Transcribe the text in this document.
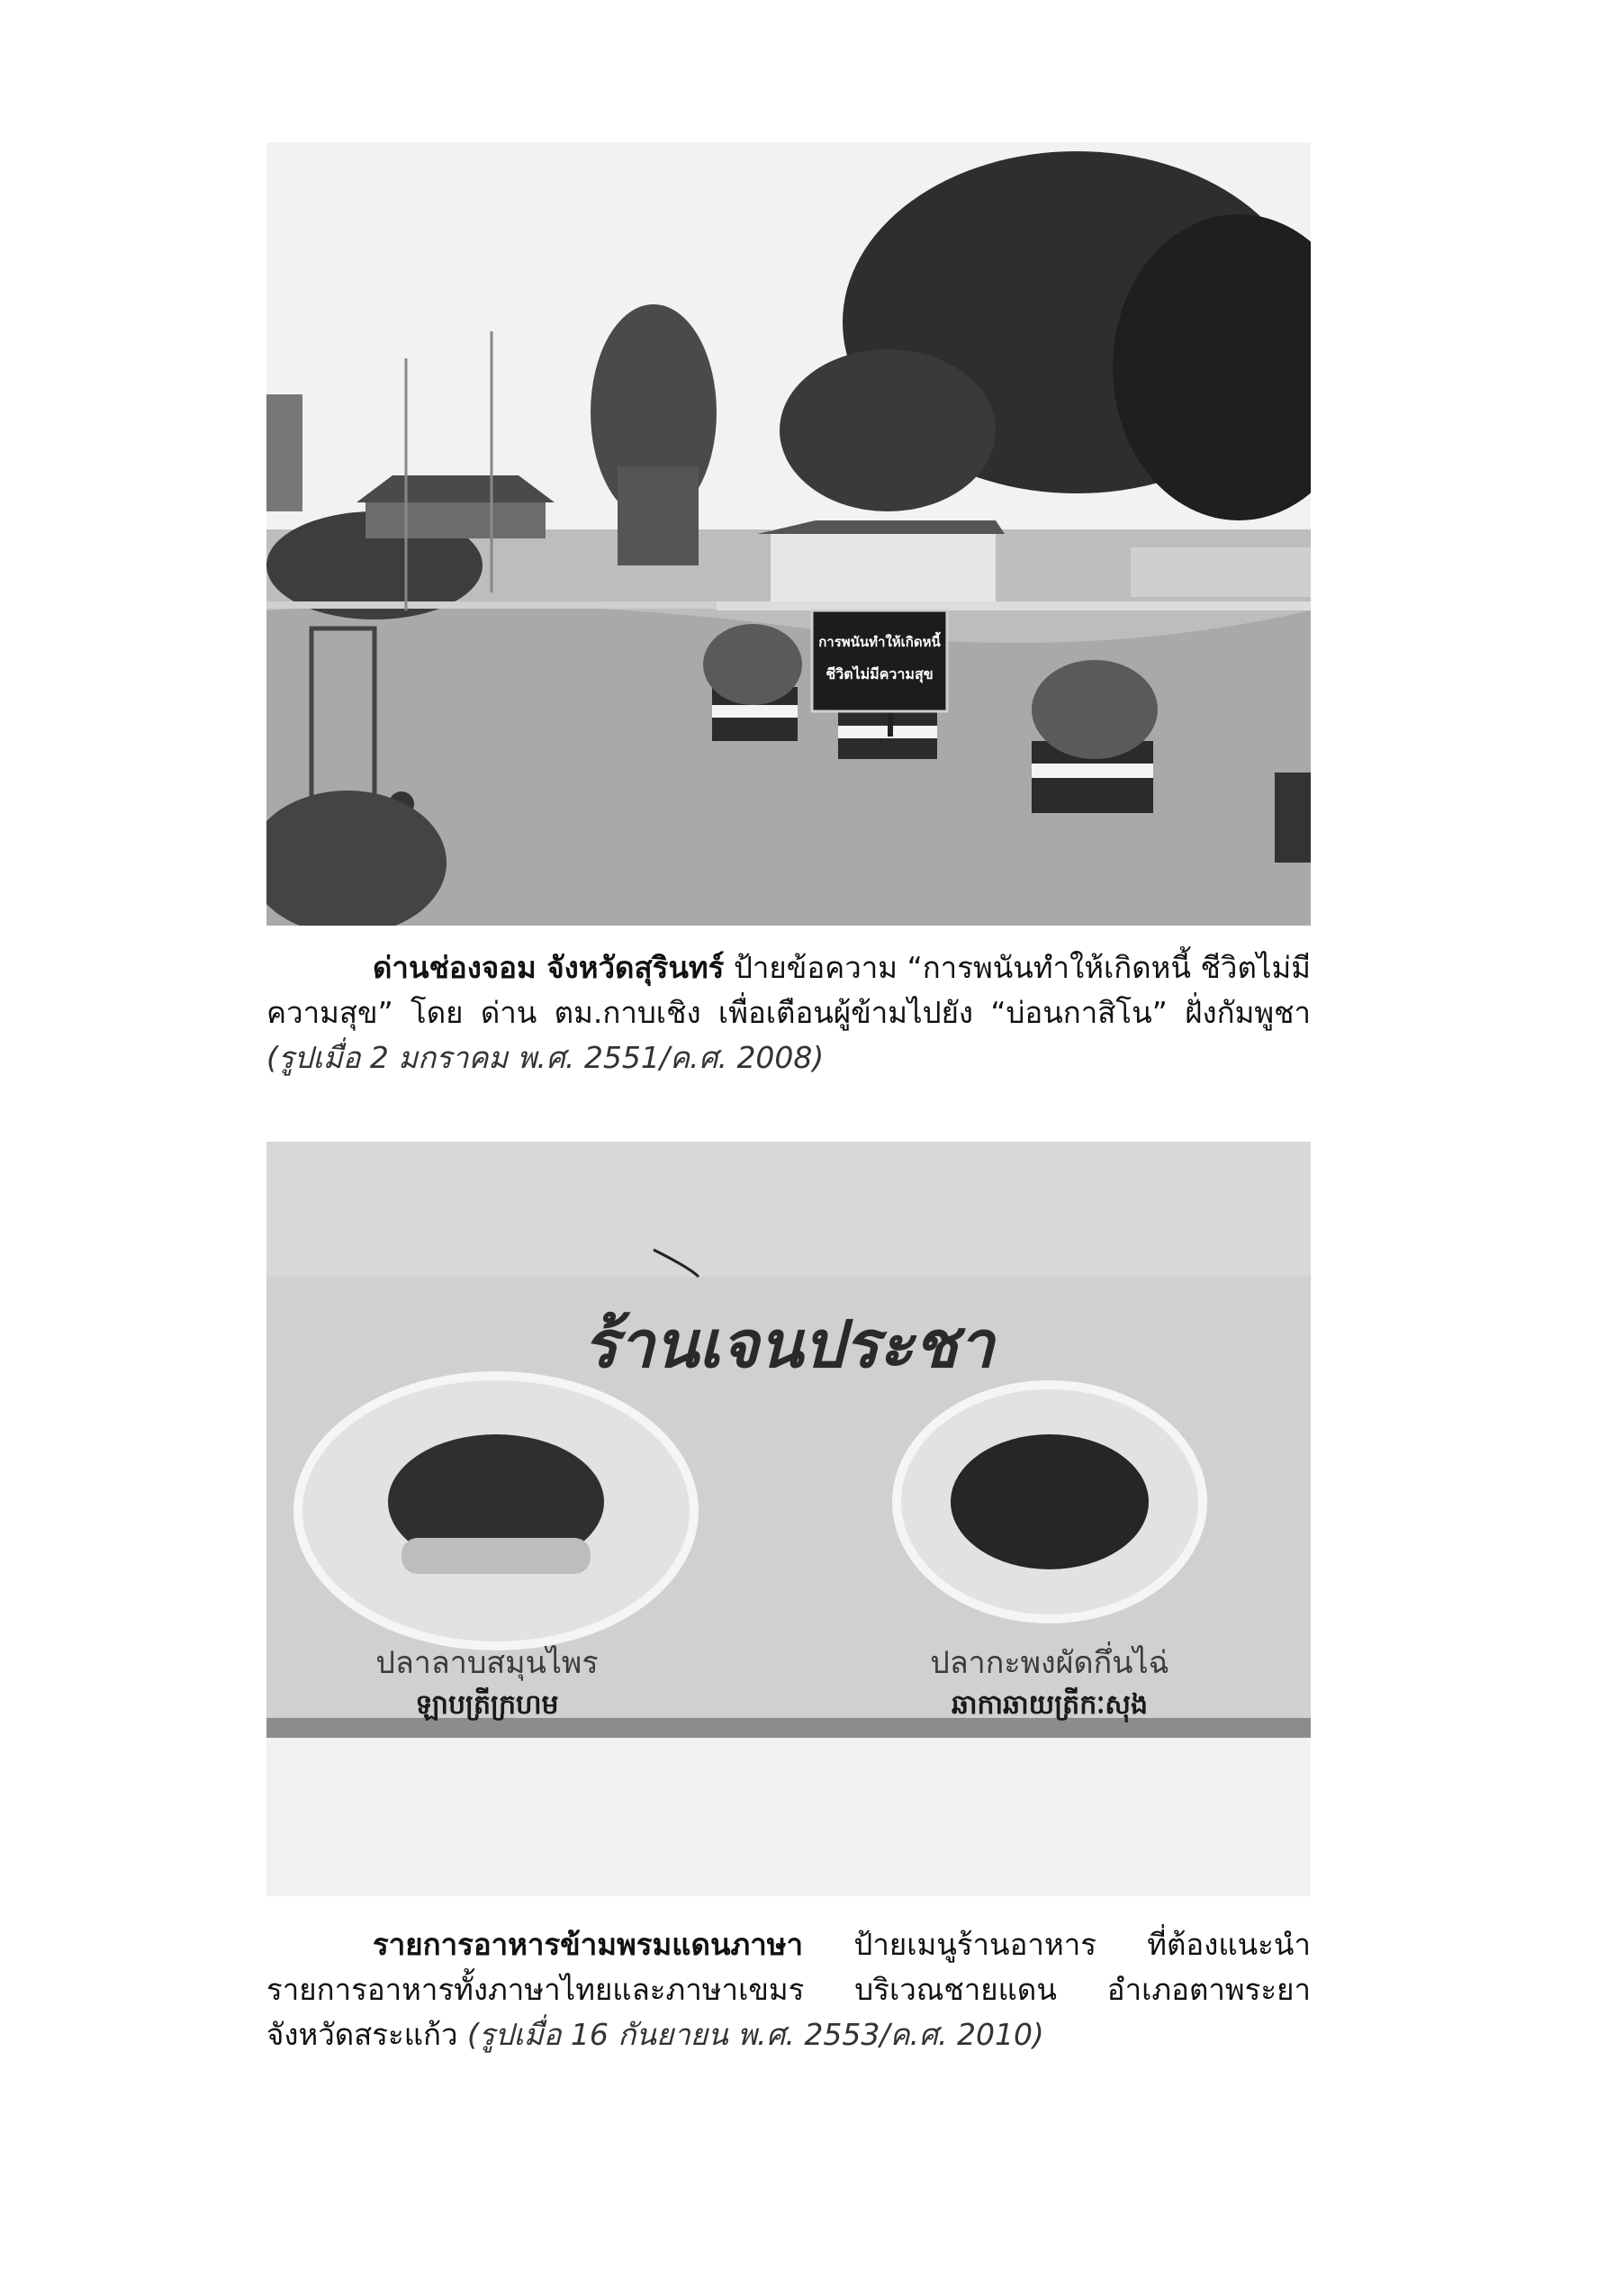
การพนันทำให้เกิดหนี้
ชีวิตไม่มีความสุข
ด่านช่องจอม จังหวัดสุรินทร์ ป้ายข้อความ “การพนันทำให้เกิดหนี้ ชีวิตไม่มีความสุข” โดย ด่าน ตม.กาบเชิง เพื่อเตือนผู้ข้ามไปยัง “บ่อนกาสิโน” ฝั่งกัมพูชา (รูปเมื่อ 2 มกราคม พ.ศ. 2551/ค.ศ. 2008)
ร้านเจนประชา
ปลาลาบสมุนไพร
ឡាបត្រីក្រហម
ปลากะพงผัดกึ่นไฉ่
ឆាកាឆាយត្រីកៈសុង
รายการอาหารข้ามพรมแดนภาษา ป้ายเมนูร้านอาหาร ที่ต้องแนะนำรายการอาหารทั้งภาษาไทยและภาษาเขมร บริเวณชายแดน อำเภอตาพระยา จังหวัดสระแก้ว (รูปเมื่อ 16 กันยายน พ.ศ. 2553/ค.ศ. 2010)
